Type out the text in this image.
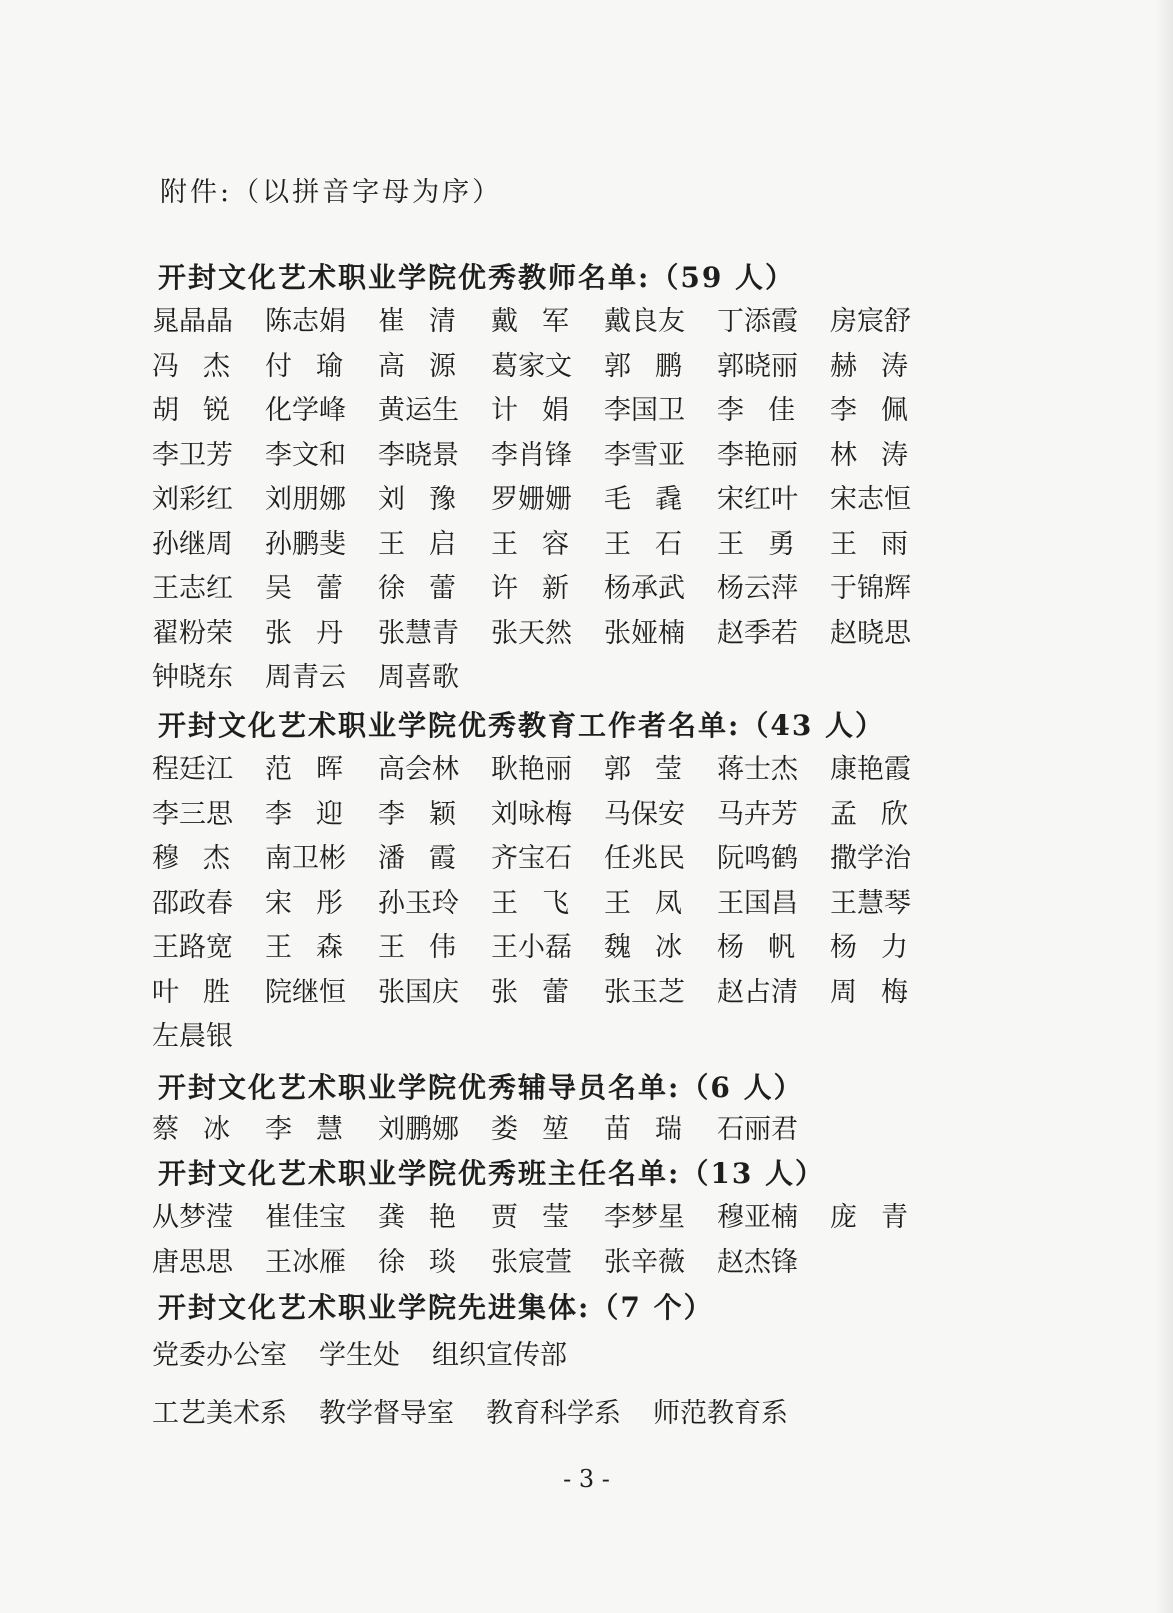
附件:（以拼音字母为序）
开封文化艺术职业学院优秀教师名单:（59 人）
晁 晶 晶 陈 志 娟 崔 清 戴 军 戴 良 友 丁 添 霞 房 宸 舒
冯 杰 付 瑜 高 源 葛 家 文 郭 鹏 郭 晓 丽 赫 涛
胡 锐 化 学 峰 黄 运 生 计 娟 李 国 卫 李 佳 李 佩
李 卫 芳 李 文 和 李 晓 景 李 肖 锋 李 雪 亚 李 艳 丽 林 涛
刘 彩 红 刘 朋 娜 刘 豫 罗 姗 姗 毛 毳 宋 红 叶 宋 志 恒
孙 继 周 孙 鹏 斐 王 启 王 容 王 石 王 勇 王 雨
王 志 红 吴 蕾 徐 蕾 许 新 杨 承 武 杨 云 萍 于 锦 辉
翟 粉 荣 张 丹 张 慧 青 张 天 然 张 娅 楠 赵 季 若 赵 晓 思
钟 晓 东 周 青 云 周 喜 歌
开封文化艺术职业学院优秀教育工作者名单:（43 人）
程 廷 江 范 晖 高 会 林 耿 艳 丽 郭 莹 蒋 士 杰 康 艳 霞
李 三 思 李 迎 李 颖 刘 咏 梅 马 保 安 马 卉 芳 孟 欣
穆 杰 南 卫 彬 潘 霞 齐 宝 石 任 兆 民 阮 鸣 鹤 撒 学 治
邵 政 春 宋 彤 孙 玉 玲 王 飞 王 凤 王 国 昌 王 慧 琴
王 路 宽 王 森 王 伟 王 小 磊 魏 冰 杨 帆 杨 力
叶 胜 院 继 恒 张 国 庆 张 蕾 张 玉 芝 赵 占 清 周 梅
左 晨 银
开封文化艺术职业学院优秀辅导员名单:（6 人）
蔡 冰 李 慧 刘 鹏 娜 娄 堃 苗 瑞 石 丽 君
开封文化艺术职业学院优秀班主任名单:（13 人）
从 梦 滢 崔 佳 宝 龚 艳 贾 莹 李 梦 星 穆 亚 楠 庞 青
唐 思 思 王 冰 雁 徐 琰 张 宸 萱 张 辛 薇 赵 杰 锋
开封文化艺术职业学院先进集体:（7 个）
党委办公室 学生处 组织宣传部
工艺美术系 教学督导室 教育科学系 师范教育系
- 3 -
